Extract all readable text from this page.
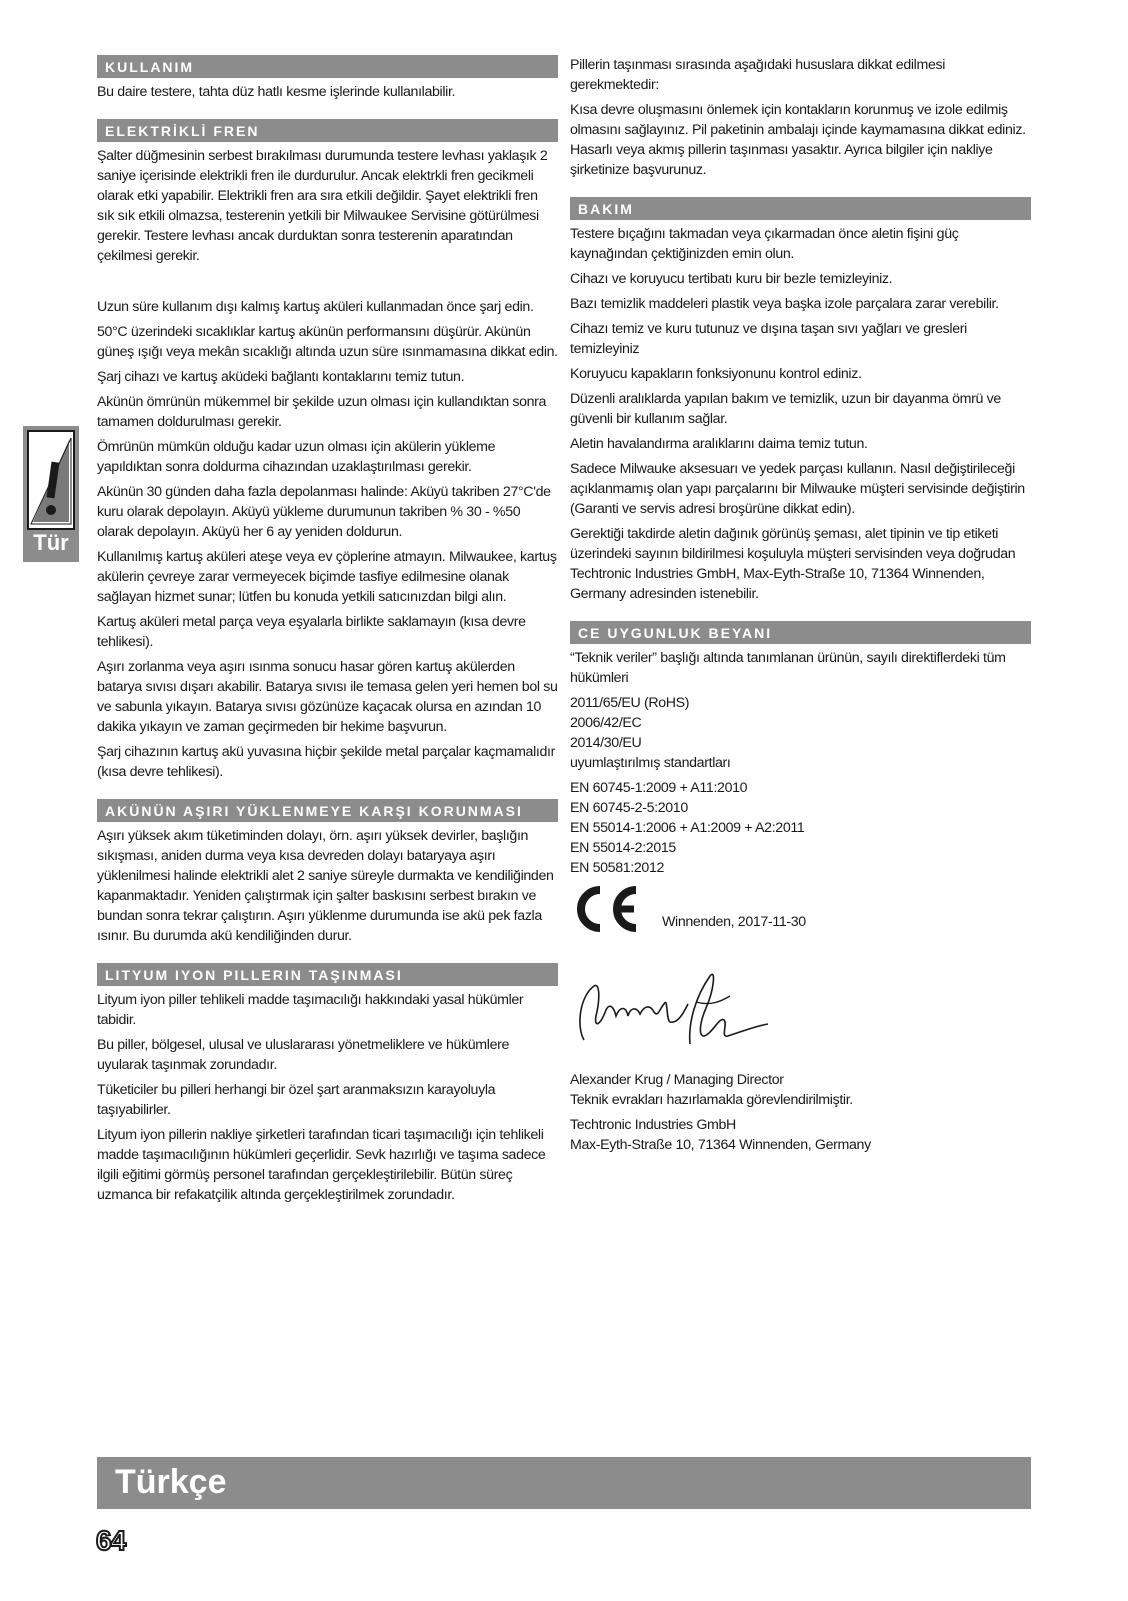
Tür
KULLANIM

Bu daire testere, tahta düz hatlı kesme işlerinde kullanılabilir.

ELEKTRİKLİ FREN

Şalter düğmesinin serbest bırakılması durumunda testere levhası yaklaşık 2 saniye içerisinde elektrikli fren ile durdurulur. Ancak elektrkli fren gecikmeli olarak etki yapabilir. Elektrikli fren ara sıra etkili değildir. Şayet elektrikli fren sık sık etkili olmazsa, testerenin yetkili bir Milwaukee Servisine götürülmesi gerekir. Testere levhası ancak durduktan sonra testerenin aparatından çekilmesi gerekir.

Uzun süre kullanım dışı kalmış kartuş aküleri kullanmadan önce şarj edin.

50°C üzerindeki sıcaklıklar kartuş akünün performansını düşürür. Akünün güneş ışığı veya mekân sıcaklığı altında uzun süre ısınmamasına dikkat edin.

Şarj cihazı ve kartuş aküdeki bağlantı kontaklarını temiz tutun.

Akünün ömrünün mükemmel bir şekilde uzun olması için kullandıktan sonra tamamen doldurulması gerekir.

Ömrünün mümkün olduğu kadar uzun olması için akülerin yükleme yapıldıktan sonra doldurma cihazından uzaklaştırılması gerekir.

Akünün 30 günden daha fazla depolanması halinde: Aküyü takriben 27°C'de kuru olarak depolayın. Aküyü yükleme durumunun takriben % 30 - %50 olarak depolayın. Aküyü her 6 ay yeniden doldurun.

Kullanılmış kartuş aküleri ateşe veya ev çöplerine atmayın. Milwaukee, kartuş akülerin çevreye zarar vermeyecek biçimde tasfiye edilmesine olanak sağlayan hizmet sunar; lütfen bu konuda yetkili satıcınızdan bilgi alın.

Kartuş aküleri metal parça veya eşyalarla birlikte saklamayın (kısa devre tehlikesi).

Aşırı zorlanma veya aşırı ısınma sonucu hasar gören kartuş akülerden batarya sıvısı dışarı akabilir. Batarya sıvısı ile temasa gelen yeri hemen bol su ve sabunla yıkayın. Batarya sıvısı gözünüze kaçacak olursa en azından 10 dakika yıkayın ve zaman geçirmeden bir hekime başvurun.

Şarj cihazının kartuş akü yuvasına hiçbir şekilde metal parçalar kaçmamalıdır (kısa devre tehlikesi).

AKÜNÜN AŞIRI YÜKLENMEYE KARŞI KORUNMASI

Aşırı yüksek akım tüketiminden dolayı, örn. aşırı yüksek devirler, başlığın sıkışması, aniden durma veya kısa devreden dolayı bataryaya aşırı yüklenilmesi halinde elektrikli alet 2 saniye süreyle durmakta ve kendiliğinden kapanmaktadır. Yeniden çalıştırmak için şalter baskısını serbest bırakın ve bundan sonra tekrar çalıştırın. Aşırı yüklenme durumunda ise akü pek fazla ısınır. Bu durumda akü kendiliğinden durur.

LITYUM IYON PILLERIN TAŞINMASI

Lityum iyon piller tehlikeli madde taşımacılığı hakkındaki yasal hükümler tabidir.

Bu piller, bölgesel, ulusal ve uluslararası yönetmeliklere ve hükümlere uyularak taşınmak zorundadır.

Tüketiciler bu pilleri herhangi bir özel şart aranmaksızın karayoluyla taşıyabilirler.

Lityum iyon pillerin nakliye şirketleri tarafından ticari taşımacılığı için tehlikeli madde taşımacılığının hükümleri geçerlidir. Sevk hazırlığı ve taşıma sadece ilgili eğitimi görmüş personel tarafından gerçekleştirilebilir. Bütün süreç uzmanca bir refakatçilik altında gerçekleştirilmek zorundadır.

Pillerin taşınması sırasında aşağıdaki hususlara dikkat edilmesi gerekmektedir:

Kısa devre oluşmasını önlemek için kontakların korunmuş ve izole edilmiş olmasını sağlayınız. Pil paketinin ambalajı içinde kaymamasına dikkat ediniz. Hasarlı veya akmış pillerin taşınması yasaktır. Ayrıca bilgiler için nakliye şirketinize başvurunuz.

BAKIM

Testere bıçağını takmadan veya çıkarmadan önce aletin fişini güç kaynağından çektiğinizden emin olun.

Cihazı ve koruyucu tertibatı kuru bir bezle temizleyiniz.

Bazı temizlik maddeleri plastik veya başka izole parçalara zarar verebilir.

Cihazı temiz ve kuru tutunuz ve dışına taşan sıvı yağları ve gresleri temizleyiniz

Koruyucu kapakların fonksiyonunu kontrol ediniz.

Düzenli aralıklarda yapılan bakım ve temizlik, uzun bir dayanma ömrü ve güvenli bir kullanım sağlar.

Aletin havalandırma aralıklarını daima temiz tutun.

Sadece Milwauke aksesuarı ve yedek parçası kullanın. Nasıl değiştirileceği açıklanmamış olan yapı parçalarını bir Milwauke müşteri servisinde değiştirin (Garanti ve servis adresi broşürüne dikkat edin).

Gerektiği takdirde aletin dağınık görünüş şeması, alet tipinin ve tip etiketi üzerindeki sayının bildirilmesi koşuluyla müşteri servisinden veya doğrudan Techtronic Industries GmbH, Max-Eyth-Straße 10, 71364 Winnenden, Germany adresinden istenebilir.

CE UYGUNLUK BEYANI

“Teknik veriler” başlığı altında tanımlanan ürünün, sayılı direktiflerdeki tüm hükümleri

2011/65/EU (RoHS)

2006/42/EC

2014/30/EU

uyumlaştırılmış standartları

EN 60745-1:2009 + A11:2010

EN 60745-2-5:2010

EN 55014-1:2006 + A1:2009 + A2:2011

EN 55014-2:2015

EN 50581:2012

Winnenden, 2017-11-30

Alexander Krug / Managing Director

Teknik evrakları hazırlamakla görevlendirilmiştir.

Techtronic Industries GmbH

Max-Eyth-Straße 10, 71364 Winnenden, Germany

Türkçe
64
